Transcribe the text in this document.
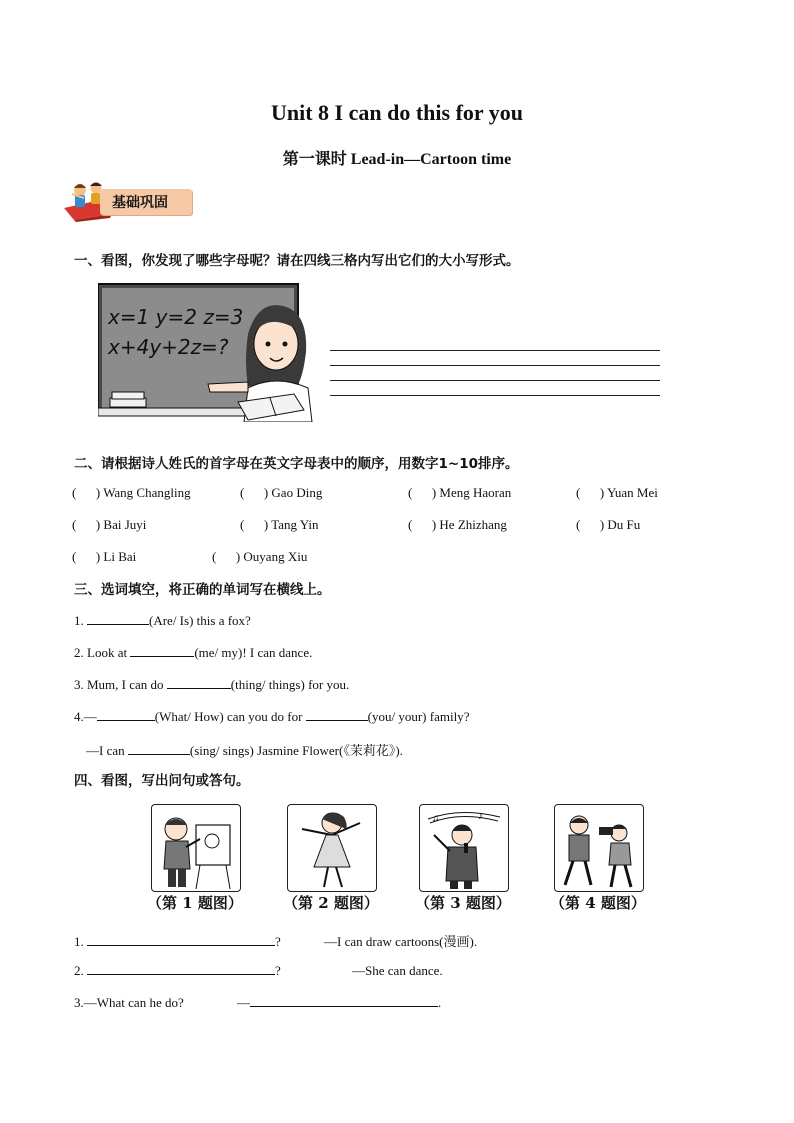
Unit 8 I can do this for you
第一课时 Lead-in—Cartoon time
基础巩固
一、看图，你发现了哪些字母呢？请在四线三格内写出它们的大小写形式。
x=1 y=2 z=3
x+4y+2z=?
二、请根据诗人姓氏的首字母在英文字母表中的顺序，用数字1~10排序。
(      ) Wang Changling	(      ) Gao Ding	(      ) Meng Haoran	(      ) Yuan Mei
(      ) Bai Juyi	(      ) Tang Yin	(      ) He Zhizhang	(      ) Du Fu
(      ) Li Bai	(      ) Ouyang Xiu
三、选词填空，将正确的单词写在横线上。
1.	(Are/ Is) this a fox?
2. Look at	(me/ my)! I can dance.
3. Mum, I can do	(thing/ things) for you.
4.—	(What/ How) can you do for	(you/ your) family?
—I can	(sing/ sings) Jasmine Flower(《茉莉花》).
四、看图，写出问句或答句。
♪
♫
（第 1 题图）	（第 2 题图）	（第 3 题图）	（第 4 题图）
1.	?	—I can draw cartoons(漫画).
2.	?	—She can dance.
3.—What can he do?	—	.
